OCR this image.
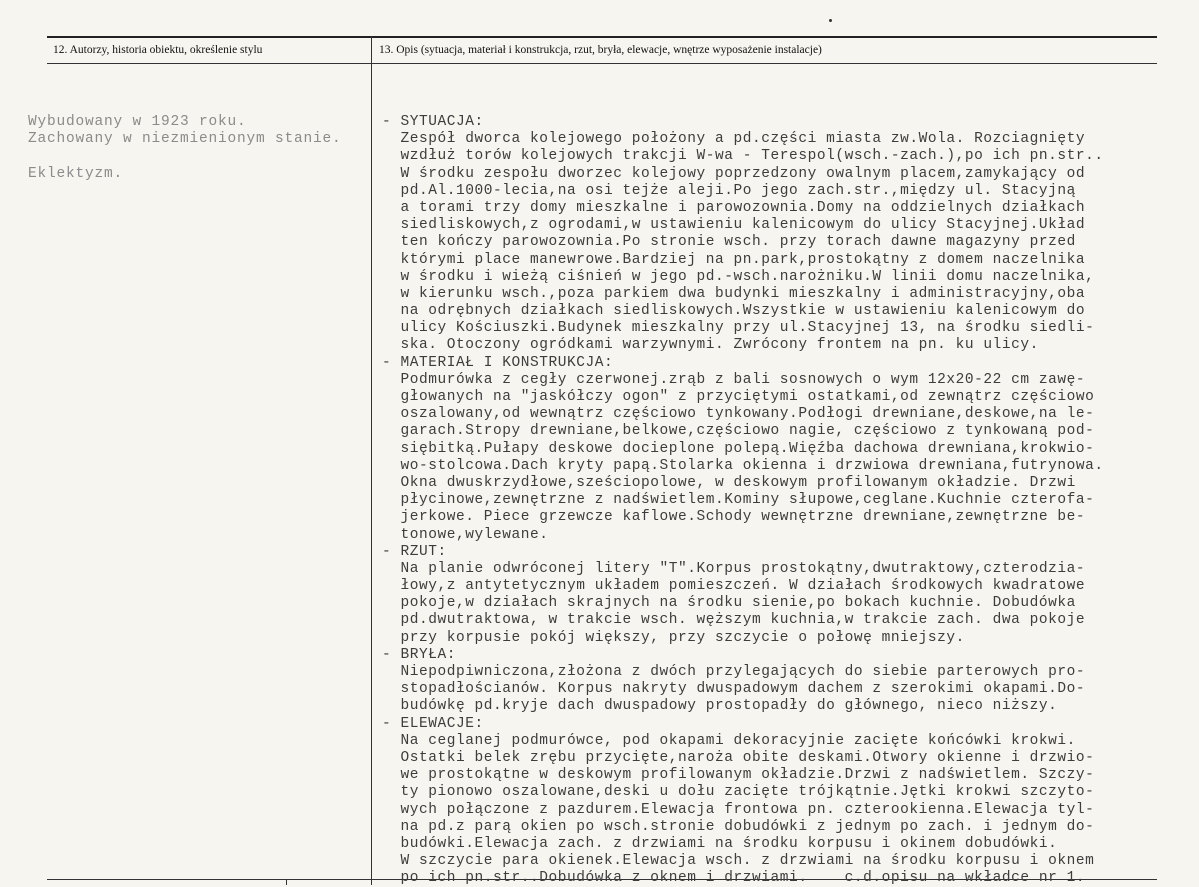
12. Autorzy, historia obiektu, określenie stylu	13. Opis (sytuacja, materiał i konstrukcja, rzut, bryła, elewacje, wnętrze wyposażenie instalacje)
Wybudowany w 1923 roku.
Zachowany w niezmienionym stanie.
Eklektyzm.
- SYTUACJA:
Zespół dworca kolejowego położony a pd.części miasta zw.Wola. Rozciagnięty
wzdłuż torów kolejowych trakcji W-wa - Terespol(wsch.-zach.),po ich pn.str..
W środku zespołu dworzec kolejowy poprzedzony owalnym placem,zamykający od
pd.Al.1000-lecia,na osi tejże aleji.Po jego zach.str.,między ul. Stacyjną
a torami trzy domy mieszkalne i parowozownia.Domy na oddzielnych działkach
siedliskowych,z ogrodami,w ustawieniu kalenicowym do ulicy Stacyjnej.Układ
ten kończy parowozownia.Po stronie wsch. przy torach dawne magazyny przed
którymi place manewrowe.Bardziej na pn.park,prostokątny z domem naczelnika
w środku i wieżą ciśnień w jego pd.-wsch.narożniku.W linii domu naczelnika,
w kierunku wsch.,poza parkiem dwa budynki mieszkalny i administracyjny,oba
na odrębnych działkach siedliskowych.Wszystkie w ustawieniu kalenicowym do
ulicy Kościuszki.Budynek mieszkalny przy ul.Stacyjnej 13, na środku siedli-
ska. Otoczony ogródkami warzywnymi. Zwrócony frontem na pn. ku ulicy.
- MATERIAŁ I KONSTRUKCJA:
Podmurówka z cegły czerwonej.zrąb z bali sosnowych o wym 12x20-22 cm zawę-
głowanych na "jaskółczy ogon" z przyciętymi ostatkami,od zewnątrz częściowo
oszalowany,od wewnątrz częściowo tynkowany.Podłogi drewniane,deskowe,na le-
garach.Stropy drewniane,belkowe,częściowo nagie, częściowo z tynkowaną pod-
siębitką.Pułapy deskowe docieplone polepą.Więźba dachowa drewniana,krokwio-
wo-stolcowa.Dach kryty papą.Stolarka okienna i drzwiowa drewniana,futrynowa.
Okna dwuskrzydłowe,sześciopolowe, w deskowym profilowanym okładzie. Drzwi
płycinowe,zewnętrzne z nadświetlem.Kominy słupowe,ceglane.Kuchnie czterofa-
jerkowe. Piece grzewcze kaflowe.Schody wewnętrzne drewniane,zewnętrzne be-
tonowe,wylewane.
- RZUT:
Na planie odwróconej litery "T".Korpus prostokątny,dwutraktowy,czterodzia-
łowy,z antytetycznym układem pomieszczeń. W działach środkowych kwadratowe
pokoje,w działach skrajnych na środku sienie,po bokach kuchnie. Dobudówka
pd.dwutraktowa, w trakcie wsch. węższym kuchnia,w trakcie zach. dwa pokoje
przy korpusie pokój większy, przy szczycie o połowę mniejszy.
- BRYŁA:
Niepodpiwniczona,złożona z dwóch przylegających do siebie parterowych pro-
stopadłościanów. Korpus nakryty dwuspadowym dachem z szerokimi okapami.Do-
budówkę pd.kryje dach dwuspadowy prostopadły do głównego, nieco niższy.
- ELEWACJE:
Na ceglanej podmurówce, pod okapami dekoracyjnie zacięte końcówki krokwi.
Ostatki belek zrębu przycięte,naroża obite deskami.Otwory okienne i drzwio-
we prostokątne w deskowym profilowanym okładzie.Drzwi z nadświetlem. Szczy-
ty pionowo oszalowane,deski u dołu zacięte trójkątnie.Jętki krokwi szczyto-
wych połączone z pazdurem.Elewacja frontowa pn. czterookienna.Elewacja tyl-
na pd.z parą okien po wsch.stronie dobudówki z jednym po zach. i jednym do-
budówki.Elewacja zach. z drzwiami na środku korpusu i okinem dobudówki.
W szczycie para okienek.Elewacja wsch. z drzwiami na środku korpusu i oknem
po ich pn.str..Dobudówka z oknem i drzwiami.    c.d.opisu na wkładce nr 1.
